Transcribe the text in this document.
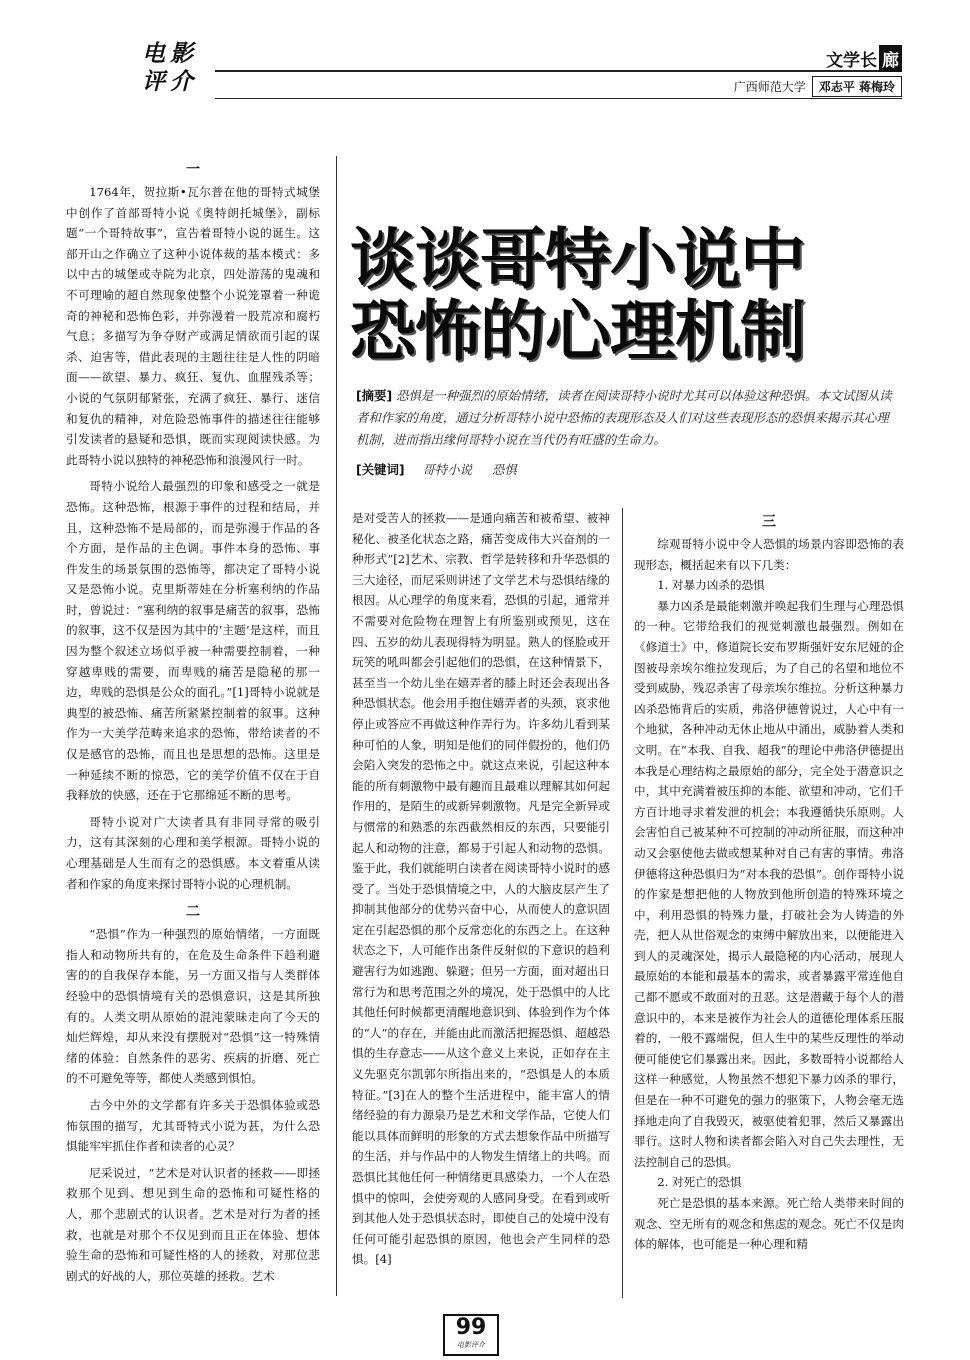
电影
评介
文学长 廊
广西师范大学	邓志平 蒋梅玲
一

1764年，贺拉斯•瓦尔普在他的哥特式城堡中创作了首部哥特小说《奥特朗托城堡》，副标题“一个哥特故事”，宣告着哥特小说的诞生。这部开山之作确立了这种小说体裁的基本模式：多以中古的城堡或寺院为北京，四处游荡的鬼魂和不可理喻的超自然现象使整个小说笼罩着一种诡奇的神秘和恐怖色彩，并弥漫着一股荒凉和腐朽气息；多描写为争夺财产或满足情欲而引起的谋杀、迫害等，借此表现的主题往往是人性的阴暗面——欲望、暴力、疯狂、复仇、血腥残杀等；小说的气氛阴郁紧张，充满了疯狂、暴行、迷信和复仇的精神，对危险恐怖事件的描述往往能够引发读者的悬疑和恐惧，既而实现阅读快感。为此哥特小说以独特的神秘恐怖和浪漫风行一时。

哥特小说给人最强烈的印象和感受之一就是恐怖。这种恐怖，根源于事件的过程和结局，并且，这种恐怖不是局部的，而是弥漫于作品的各个方面，是作品的主色调。事件本身的恐怖、事件发生的场景氛围的恐怖等，都决定了哥特小说又是恐怖小说。克里斯蒂娃在分析塞利纳的作品时，曾说过：“塞利纳的叙事是痛苦的叙事，恐怖的叙事，这不仅是因为其中的‘主题’是这样，而且因为整个叙述立场似乎被一种需要控制着，一种穿越卑贱的需要，而卑贱的痛苦是隐秘的那一边，卑贱的恐惧是公众的面孔。”[1]哥特小说就是典型的被恐怖、痛苦所紧紧控制着的叙事。这种作为一大美学范畴来追求的恐怖，带给读者的不仅是感官的恐怖，而且也是思想的恐怖。这里是一种延续不断的惊恐，它的美学价值不仅在于自我释放的快感，还在于它那绵延不断的思考。

哥特小说对广大读者具有非同寻常的吸引力，这有其深刻的心理和美学根源。哥特小说的心理基础是人生而有之的恐惧感。本文着重从读者和作家的角度来探讨哥特小说的心理机制。

二

“恐惧”作为一种强烈的原始情绪，一方面既指人和动物所共有的，在危及生命条件下趋利避害的的自我保存本能，另一方面又指与人类群体经验中的恐惧情境有关的恐惧意识，这是其所独有的。人类文明从原始的混沌蒙昧走向了今天的灿烂辉煌，却从来没有摆脱对“恐惧”这一特殊情绪的体验：自然条件的恶劣、疾病的折磨、死亡的不可避免等等，都使人类感到惧怕。

古今中外的文学都有许多关于恐惧体验或恐怖氛围的描写，尤其哥特式小说为甚，为什么恐惧能牢牢抓住作者和读者的心灵？

尼采说过，“艺术是对认识者的拯救——即拯救那个见到、想见到生命的恐怖和可疑性格的人，那个悲剧式的认识者。艺术是对行为者的拯救，也就是对那个不仅见到而且正在体验、想体验生命的恐怖和可疑性格的人的拯救，对那位悲剧式的好战的人，那位英雄的拯救。艺术

谈谈哥特小说中
恐怖的心理机制
[摘要] 恐惧是一种强烈的原始情绪，读者在阅读哥特小说时尤其可以体验这种恐惧。本文试图从读者和作家的角度，通过分析哥特小说中恐怖的表现形态及人们对这些表现形态的恐惧来揭示其心理机制，进而指出缘何哥特小说在当代仍有旺盛的生命力。
[关键词] 哥特小说 恐惧

是对受苦人的拯救——是通向痛苦和被希望、被神秘化、被圣化状态之路，痛苦变成伟大兴奋剂的一种形式”[2]艺术、宗教、哲学是转移和升华恐惧的三大途径，而尼采则讲述了文学艺术与恐惧结缘的根因。从心理学的角度来看，恐惧的引起，通常并不需要对危险物在理智上有所鉴别或预见，这在四、五岁的幼儿表现得特为明显。熟人的怪脸或开玩笑的吼叫都会引起他们的恐惧，在这种情景下，甚至当一个幼儿坐在嬉弄者的膝上时还会表现出各种恐惧状态。他会用手抱住嬉弄者的头颈，哀求他停止或答应不再做这种作弄行为。许多幼儿看到某种可怕的人象，明知是他们的同伴假扮的，他们仍会陷入突发的恐怖之中。就这点来说，引起这种本能的所有刺激物中最有趣而且最难以理解其如何起作用的，是陌生的或新异刺激物。凡是完全新异或与惯常的和熟悉的东西截然相反的东西，只要能引起人和动物的注意，都易于引起人和动物的恐惧。鉴于此，我们就能明白读者在阅读哥特小说时的感受了。当处于恐惧情境之中，人的大脑皮层产生了抑制其他部分的优势兴奋中心，从而使人的意识固定在引起恐惧的那个反常恋化的东西之上。在这种状态之下，人可能作出条件反射似的下意识的趋利避害行为如逃跑、躲避；但另一方面，面对超出日常行为和思考范围之外的境况，处于恐惧中的人比其他任何时候都更清醒地意识到、体验到作为个体的“人”的存在，并能由此而激活把握恐惧、超越恐惧的生存意志——从这个意义上来说，正如存在主义先驱克尔凯郭尔所指出来的，“恐惧是人的本质特征。”[3]在人的整个生活进程中，能丰富人的情绪经验的有力源泉乃是艺术和文学作品，它使人们能以具体而鲜明的形象的方式去想象作品中所描写的生活，并与作品中的人物发生情绪上的共鸣。而恐惧比其他任何一种情绪更具感染力，一个人在恐惧中的惊叫，会使旁观的人感同身受。在看到或听到其他人处于恐惧状态时，即使自己的处境中没有任何可能引起恐惧的原因，他也会产生同样的恐惧。[4]

三

综观哥特小说中令人恐惧的场景内容即恐怖的表现形态，概括起来有以下几类：

1. 对暴力凶杀的恐惧

暴力凶杀是最能刺激并唤起我们生理与心理恐惧的一种。它带给我们的视觉刺激也最强烈。例如在《修道士》中，修道院长安布罗斯强奸安东尼娅的企图被母亲埃尔维拉发现后，为了自己的名望和地位不受到威胁，残忍杀害了母亲埃尔维拉。分析这种暴力凶杀恐怖背后的实质，弗洛伊德曾说过，人心中有一个地狱，各种冲动无休止地从中涌出，威胁着人类和文明。在“本我、自我、超我”的理论中弗洛伊德提出本我是心理结构之最原始的部分，完全处于潜意识之中，其中充满着被压抑的本能、欲望和冲动，它们千方百计地寻求着发泄的机会；本我遵循快乐原则。人会害怕自己被某种不可控制的冲动所征服，而这种冲动又会驱使他去做或想某种对自己有害的事情。弗洛伊德将这种恐惧归为“对本我的恐惧”。创作哥特小说的作家是想把他的人物放到他所创造的特殊环境之中，利用恐惧的特殊力量，打破社会为人铸造的外壳，把人从世俗观念的束缚中解放出来，以便能进入到人的灵魂深处，揭示人最隐秘的内心活动，展现人最原始的本能和最基本的需求，或者暴露平常连他自己都不愿或不敢面对的丑恶。这是潜藏于每个人的潜意识中的，本来是被作为社会人的道德伦理体系压服着的，一般不露端倪，但人生中的某些反理性的举动便可能使它们暴露出来。因此，多数哥特小说都给人这样一种感觉，人物虽然不想犯下暴力凶杀的罪行，但是在一种不可避免的强力的驱策下，人物会毫无选择地走向了自我毁灭，被驱使着犯罪，然后又暴露出罪行。这时人物和读者都会陷入对自己失去理性，无法控制自己的恐惧。

2. 对死亡的恐惧

死亡是恐惧的基本来源。死亡给人类带来时间的观念、空无所有的观念和焦虑的观念。死亡不仅是肉体的解体，也可能是一种心理和精

99
电影评介
